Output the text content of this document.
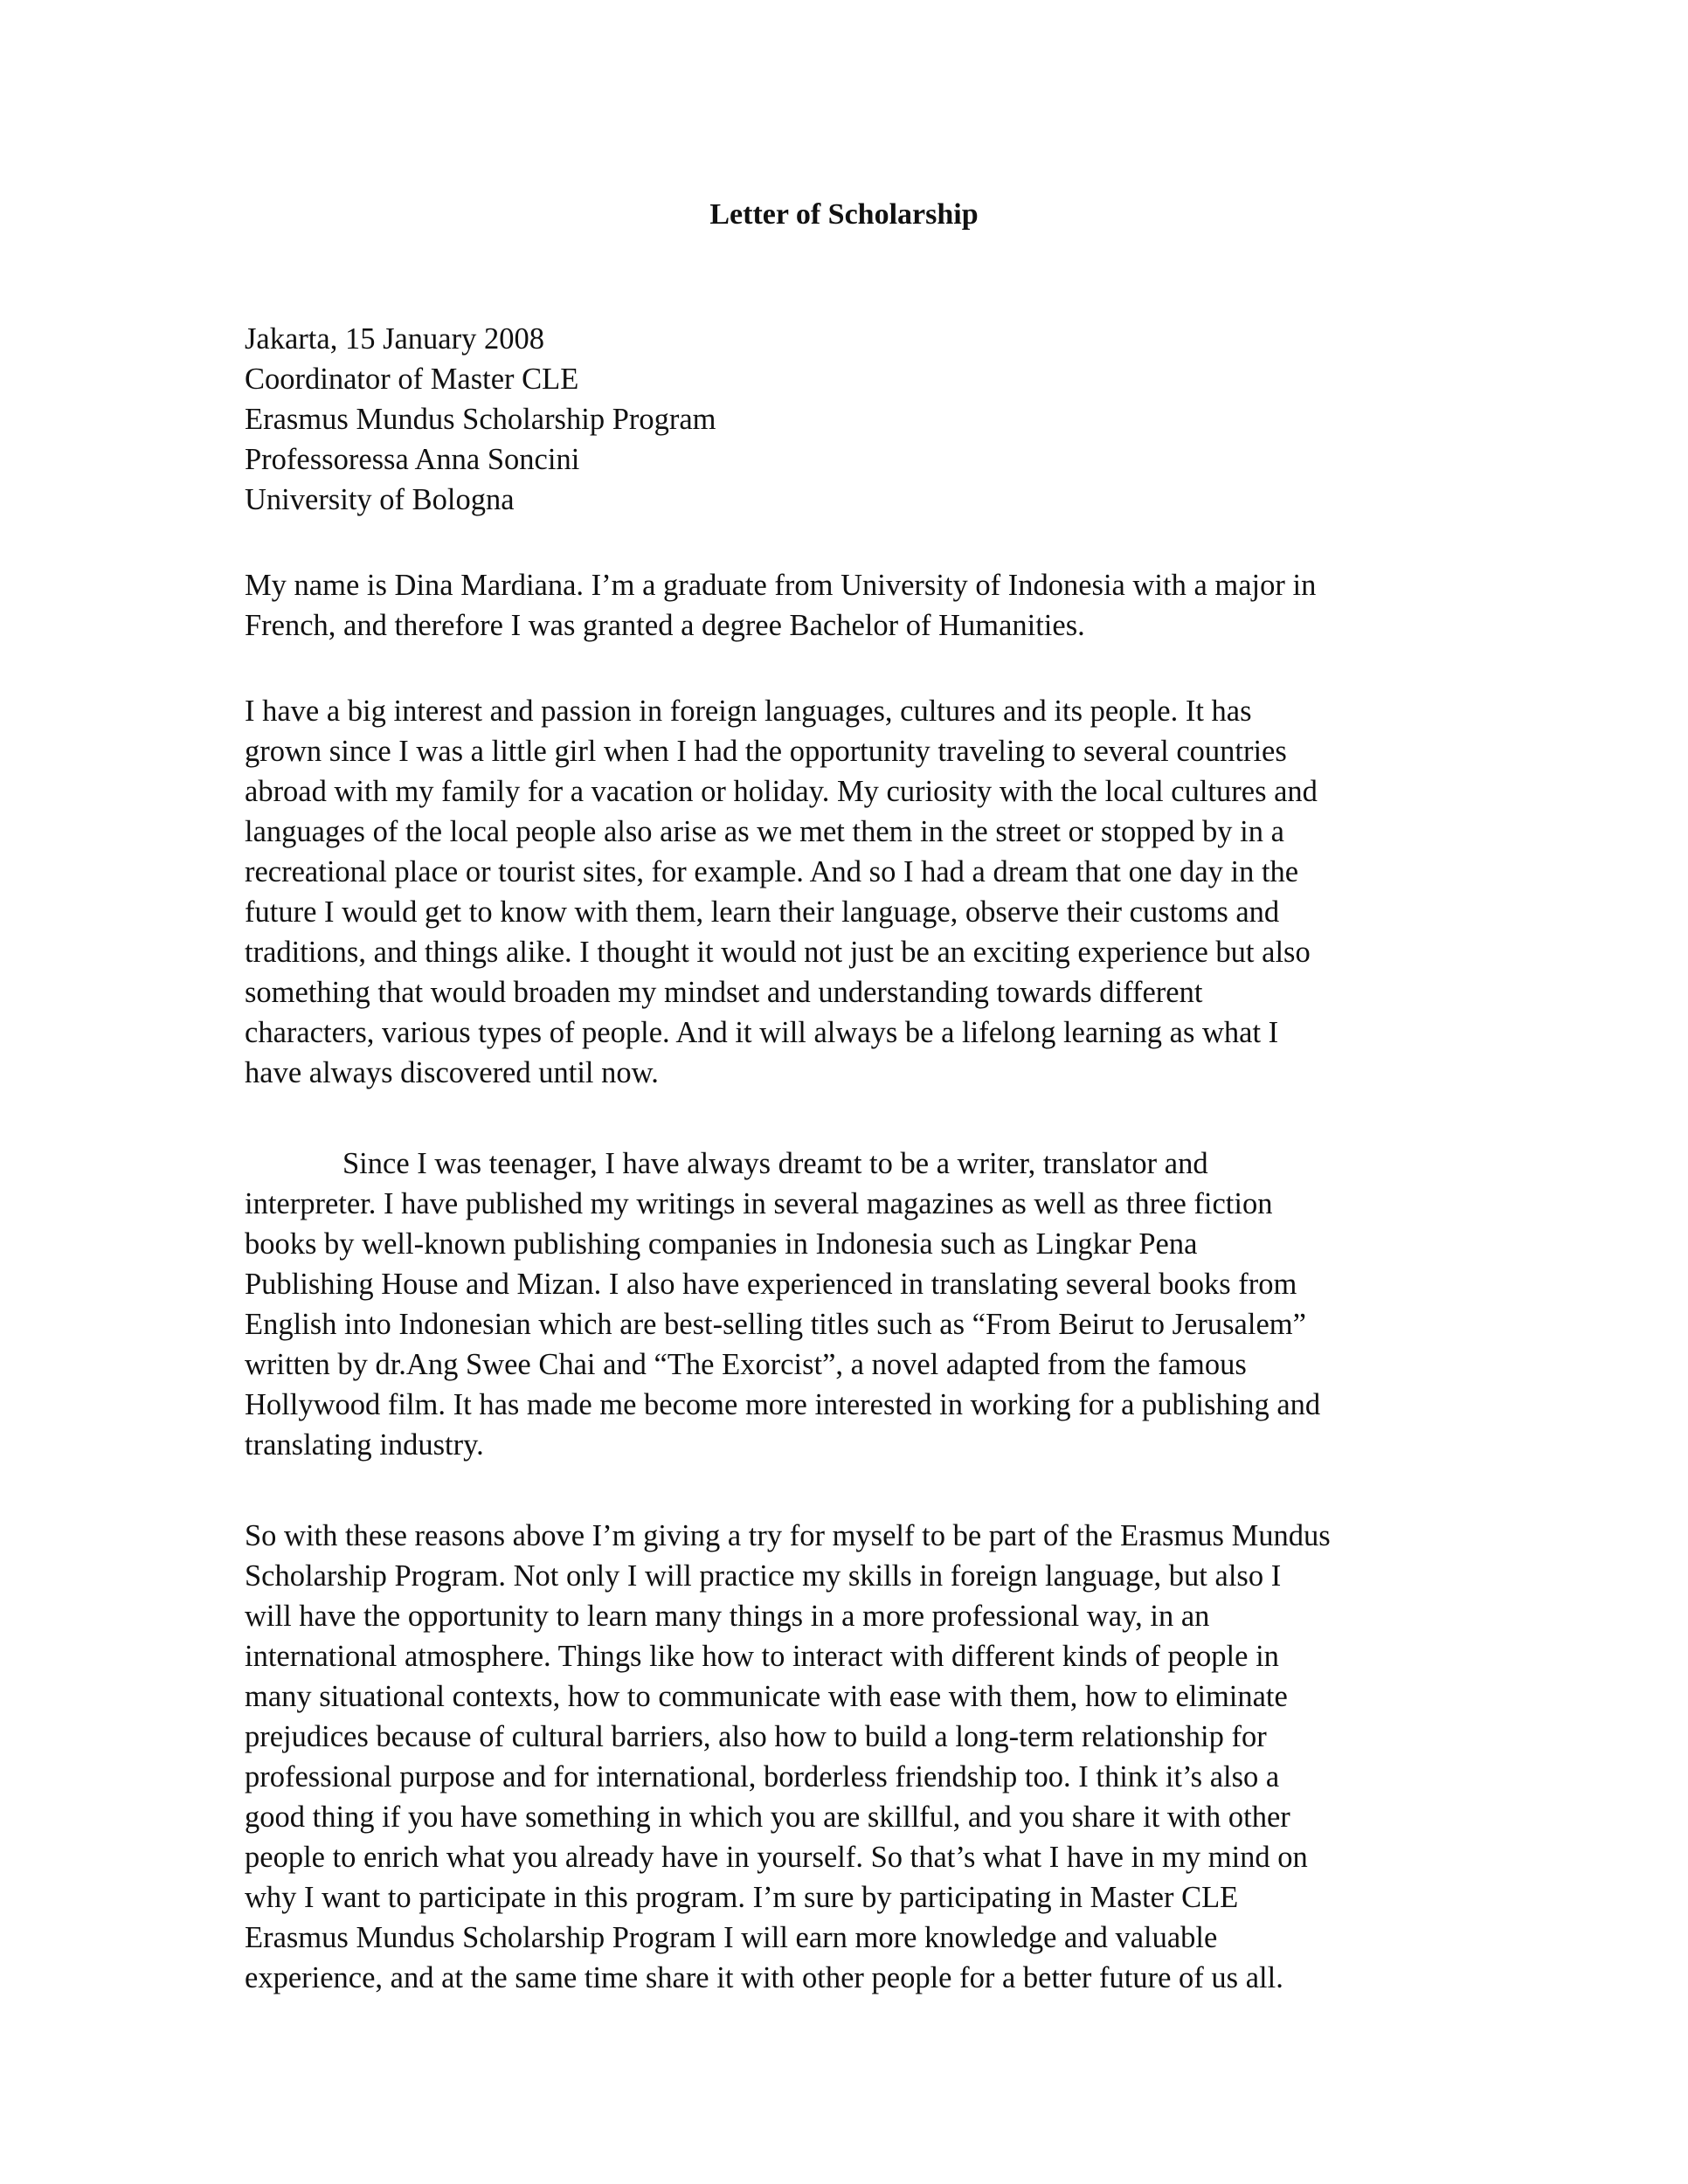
Letter of Scholarship
Jakarta, 15 January 2008
Coordinator of Master CLE
Erasmus Mundus Scholarship Program
Professoressa Anna Soncini
University of Bologna
My name is Dina Mardiana. I’m a graduate from University of Indonesia with a major in
French, and therefore I was granted a degree Bachelor of Humanities.
I have a big interest and passion in foreign languages, cultures and its people. It has
grown since I was a little girl when I had the opportunity traveling to several countries
abroad with my family for a vacation or holiday. My curiosity with the local cultures and
languages of the local people also arise as we met them in the street or stopped by in a
recreational place or tourist sites, for example. And so I had a dream that one day in the
future I would get to know with them, learn their language, observe their customs and
traditions, and things alike. I thought it would not just be an exciting experience but also
something that would broaden my mindset and understanding towards different
characters, various types of people. And it will always be a lifelong learning as what I
have always discovered until now.
Since I was teenager, I have always dreamt to be a writer, translator and
interpreter. I have published my writings in several magazines as well as three fiction
books by well-known publishing companies in Indonesia such as Lingkar Pena
Publishing House and Mizan. I also have experienced in translating several books from
English into Indonesian which are best-selling titles such as “From Beirut to Jerusalem”
written by dr.Ang Swee Chai and “The Exorcist”, a novel adapted from the famous
Hollywood film. It has made me become more interested in working for a publishing and
translating industry.
So with these reasons above I’m giving a try for myself to be part of the Erasmus Mundus
Scholarship Program. Not only I will practice my skills in foreign language, but also I
will have the opportunity to learn many things in a more professional way, in an
international atmosphere. Things like how to interact with different kinds of people in
many situational contexts, how to communicate with ease with them, how to eliminate
prejudices because of cultural barriers, also how to build a long-term relationship for
professional purpose and for international, borderless friendship too. I think it’s also a
good thing if you have something in which you are skillful, and you share it with other
people to enrich what you already have in yourself. So that’s what I have in my mind on
why I want to participate in this program. I’m sure by participating in Master CLE
Erasmus Mundus Scholarship Program I will earn more knowledge and valuable
experience, and at the same time share it with other people for a better future of us all.
